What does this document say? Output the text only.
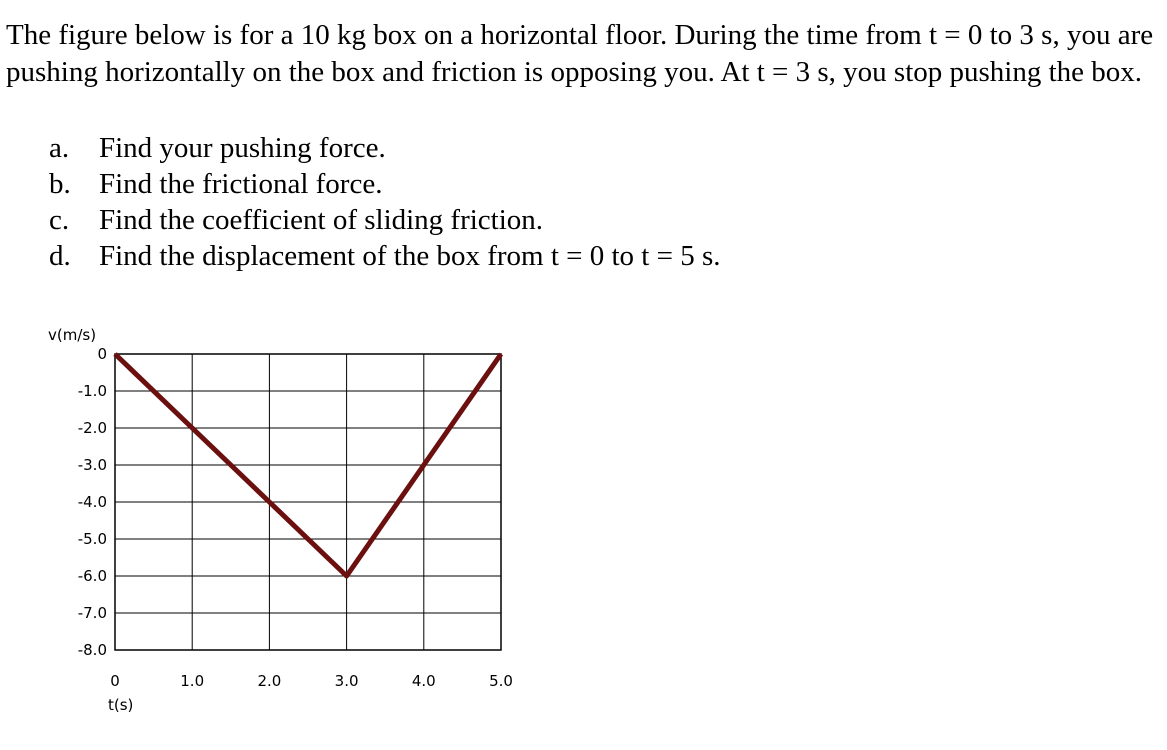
The figure below is for a 10 kg box on a horizontal floor. During the time from t = 0 to 3 s, you are pushing horizontally on the box and friction is opposing you. At t = 3 s, you stop pushing the box.
a.	Find your pushing force.
b. Find the frictional force.
c.	Find the coefficient of sliding friction.
d. Find the displacement of the box from t = 0 to t = 5 s.
v(m/s)
0
-1.0
-2.0
-3.0
-4.0
-5.0
-6.0
-7.0
-8.0
0	1.0	2.0	3.0	4.0	5.0
t(s)
